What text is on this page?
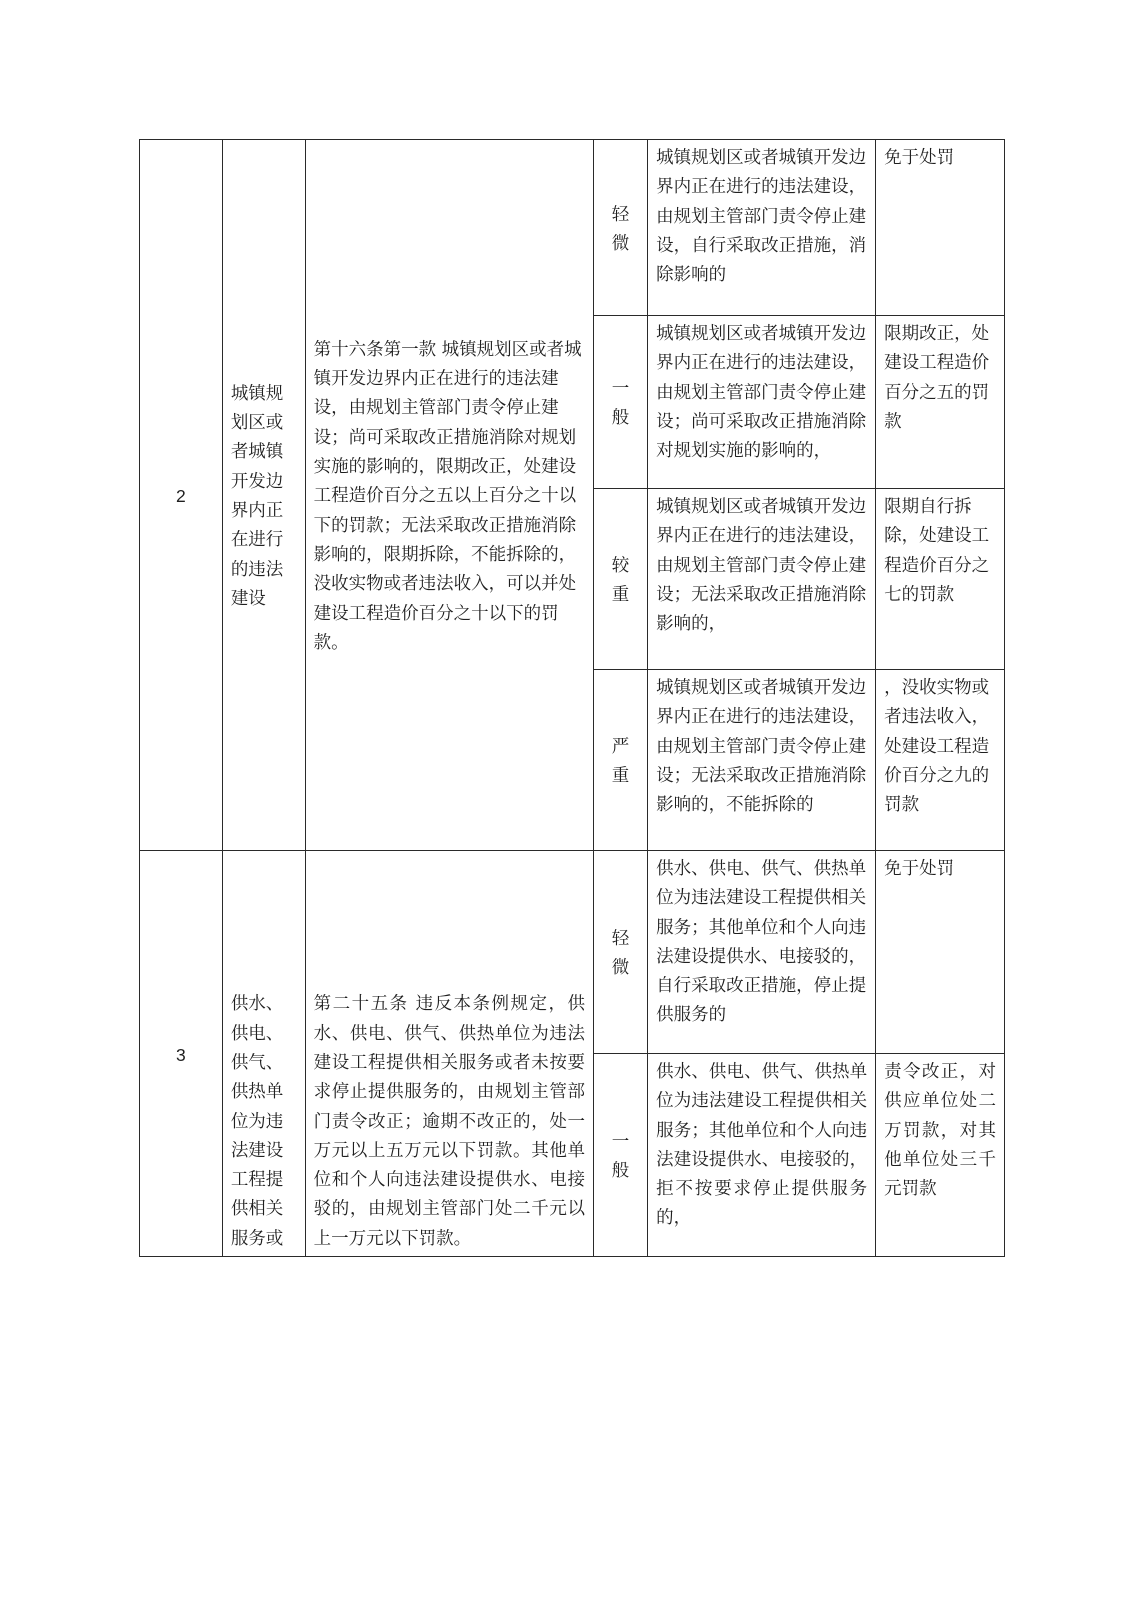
2	城镇规划区或者城镇开发边界内正在进行的违法建设	第十六条第一款 城镇规划区或者城镇开发边界内正在进行的违法建设，由规划主管部门责令停止建设；尚可采取改正措施消除对规划实施的影响的，限期改正，处建设工程造价百分之五以上百分之十以下的罚款；无法采取改正措施消除影响的，限期拆除，不能拆除的，没收实物或者违法收入，可以并处建设工程造价百分之十以下的罚款。	轻微	城镇规划区或者城镇开发边界内正在进行的违法建设，由规划主管部门责令停止建设，自行采取改正措施，消除影响的	免于处罚

			一般	城镇规划区或者城镇开发边界内正在进行的违法建设，由规划主管部门责令停止建设；尚可采取改正措施消除对规划实施的影响的，	限期改正，处建设工程造价百分之五的罚款

			较重	城镇规划区或者城镇开发边界内正在进行的违法建设，由规划主管部门责令停止建设；无法采取改正措施消除影响的，	限期自行拆除，处建设工程造价百分之七的罚款

			严重	城镇规划区或者城镇开发边界内正在进行的违法建设，由规划主管部门责令停止建设；无法采取改正措施消除影响的，不能拆除的	，没收实物或者违法收入，处建设工程造价百分之九的罚款
3	供水、供电、供气、供热单位为违法建设工程提供相关服务或	第二十五条 违反本条例规定，供水、供电、供气、供热单位为违法建设工程提供相关服务或者未按要求停止提供服务的，由规划主管部门责令改正；逾期不改正的，处一万元以上五万元以下罚款。其他单位和个人向违法建设提供水、电接驳的，由规划主管部门处二千元以上一万元以下罚款。	轻微	供水、供电、供气、供热单位为违法建设工程提供相关服务；其他单位和个人向违法建设提供水、电接驳的，自行采取改正措施，停止提供服务的	免于处罚

			一般	供水、供电、供气、供热单位为违法建设工程提供相关服务；其他单位和个人向违法建设提供水、电接驳的，拒不按要求停止提供服务的，	责令改正，对供应单位处二万罚款，对其他单位处三千元罚款
